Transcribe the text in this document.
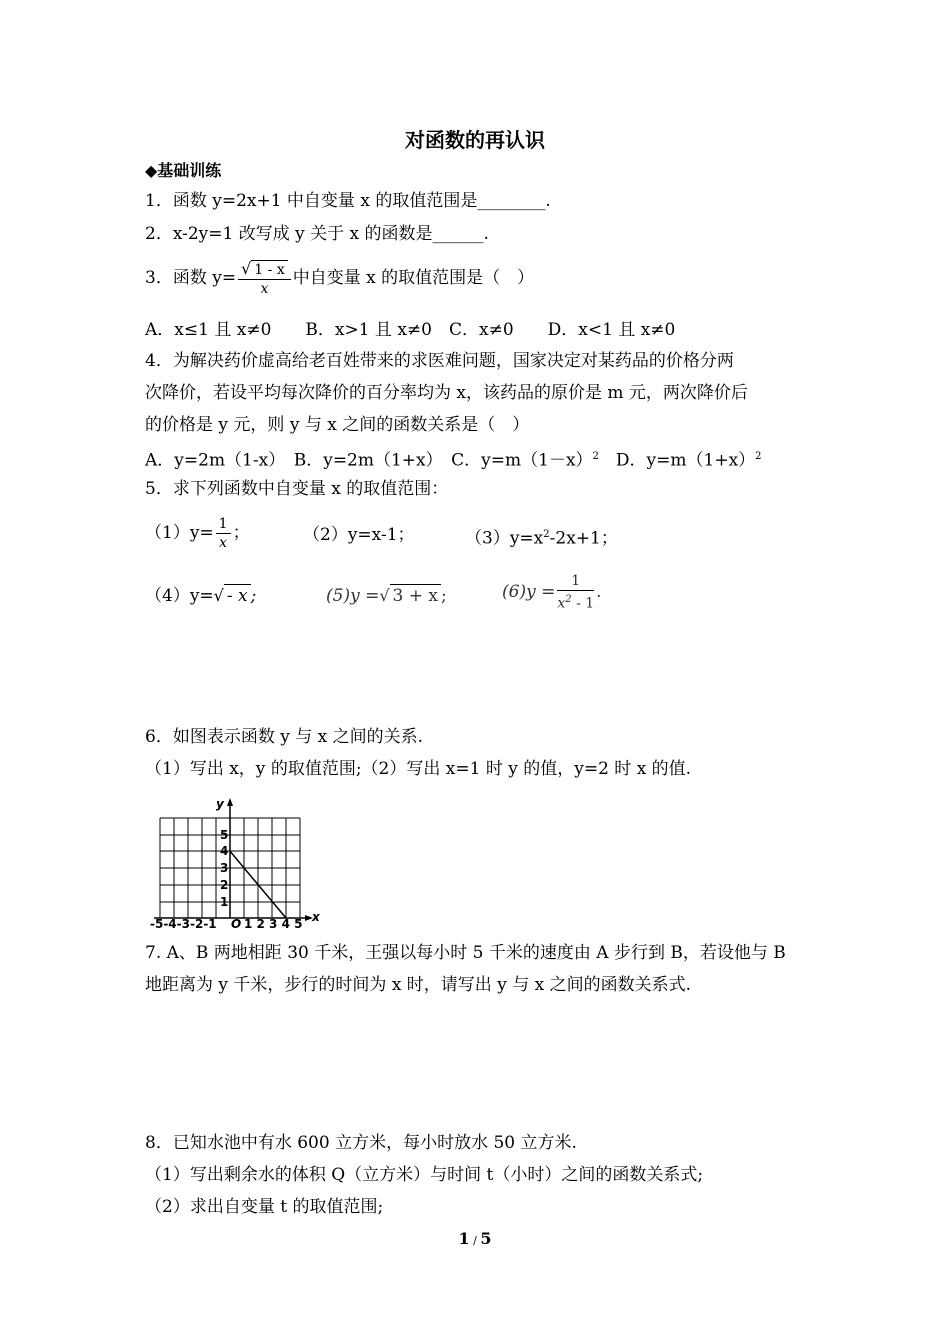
对函数的再认识
◆基础训练
1．函数 y=2x+1 中自变量 x 的取值范围是________.
2．x-2y=1 改写成 y 关于 x 的函数是______.
3．函数 $y= \frac{√ 1 - x}{x}$ 中自变量 x 的取值范围是（　）
A．x≤1 且 x≠0　　B．x>1 且 x≠0　C．x≠0　　D．x<1 且 x≠0
4．为解决药价虚高给老百姓带来的求医难问题，国家决定对某药品的价格分两
次降价，若设平均每次降价的百分率均为 x，该药品的原价是 m 元，两次降价后
的价格是 y 元，则 y 与 x 之间的函数关系是（　）
A．y=2m（1-x）　 B．y=2m（1+x）　 C．$y=m(1-x)^2$　 D．$y=m(1+x)^2$
5．求下列函数中自变量 x 的取值范围：
$(1)y= \frac{1}{x}$ ；	（2）y=x-1；	$(3)y=x^2-2x+1$；
（4）y=√ - x ;	(5)y =√ 3 + x ;	$(6)y = \frac{1}{x^2 - 1}$ .
6．如图表示函数 y 与 x 之间的关系.
（1）写出 x，y 的取值范围;（2）写出 x=1 时 y 的值，y=2 时 x 的值.
y
x
5
4
3
2
1
-5-4-3-2-1 O 1 2 3 4 5
7. A、B 两地相距 30 千米，王强以每小时 5 千米的速度由 A 步行到 B，若设他与 B
地距离为 y 千米，步行的时间为 x 时，请写出 y 与 x 之间的函数关系式.
8．已知水池中有水 600 立方米，每小时放水 50 立方米.
（1）写出剩余水的体积 Q（立方米）与时间 t（小时）之间的函数关系式;
（2）求出自变量 t 的取值范围;
1 / 5
